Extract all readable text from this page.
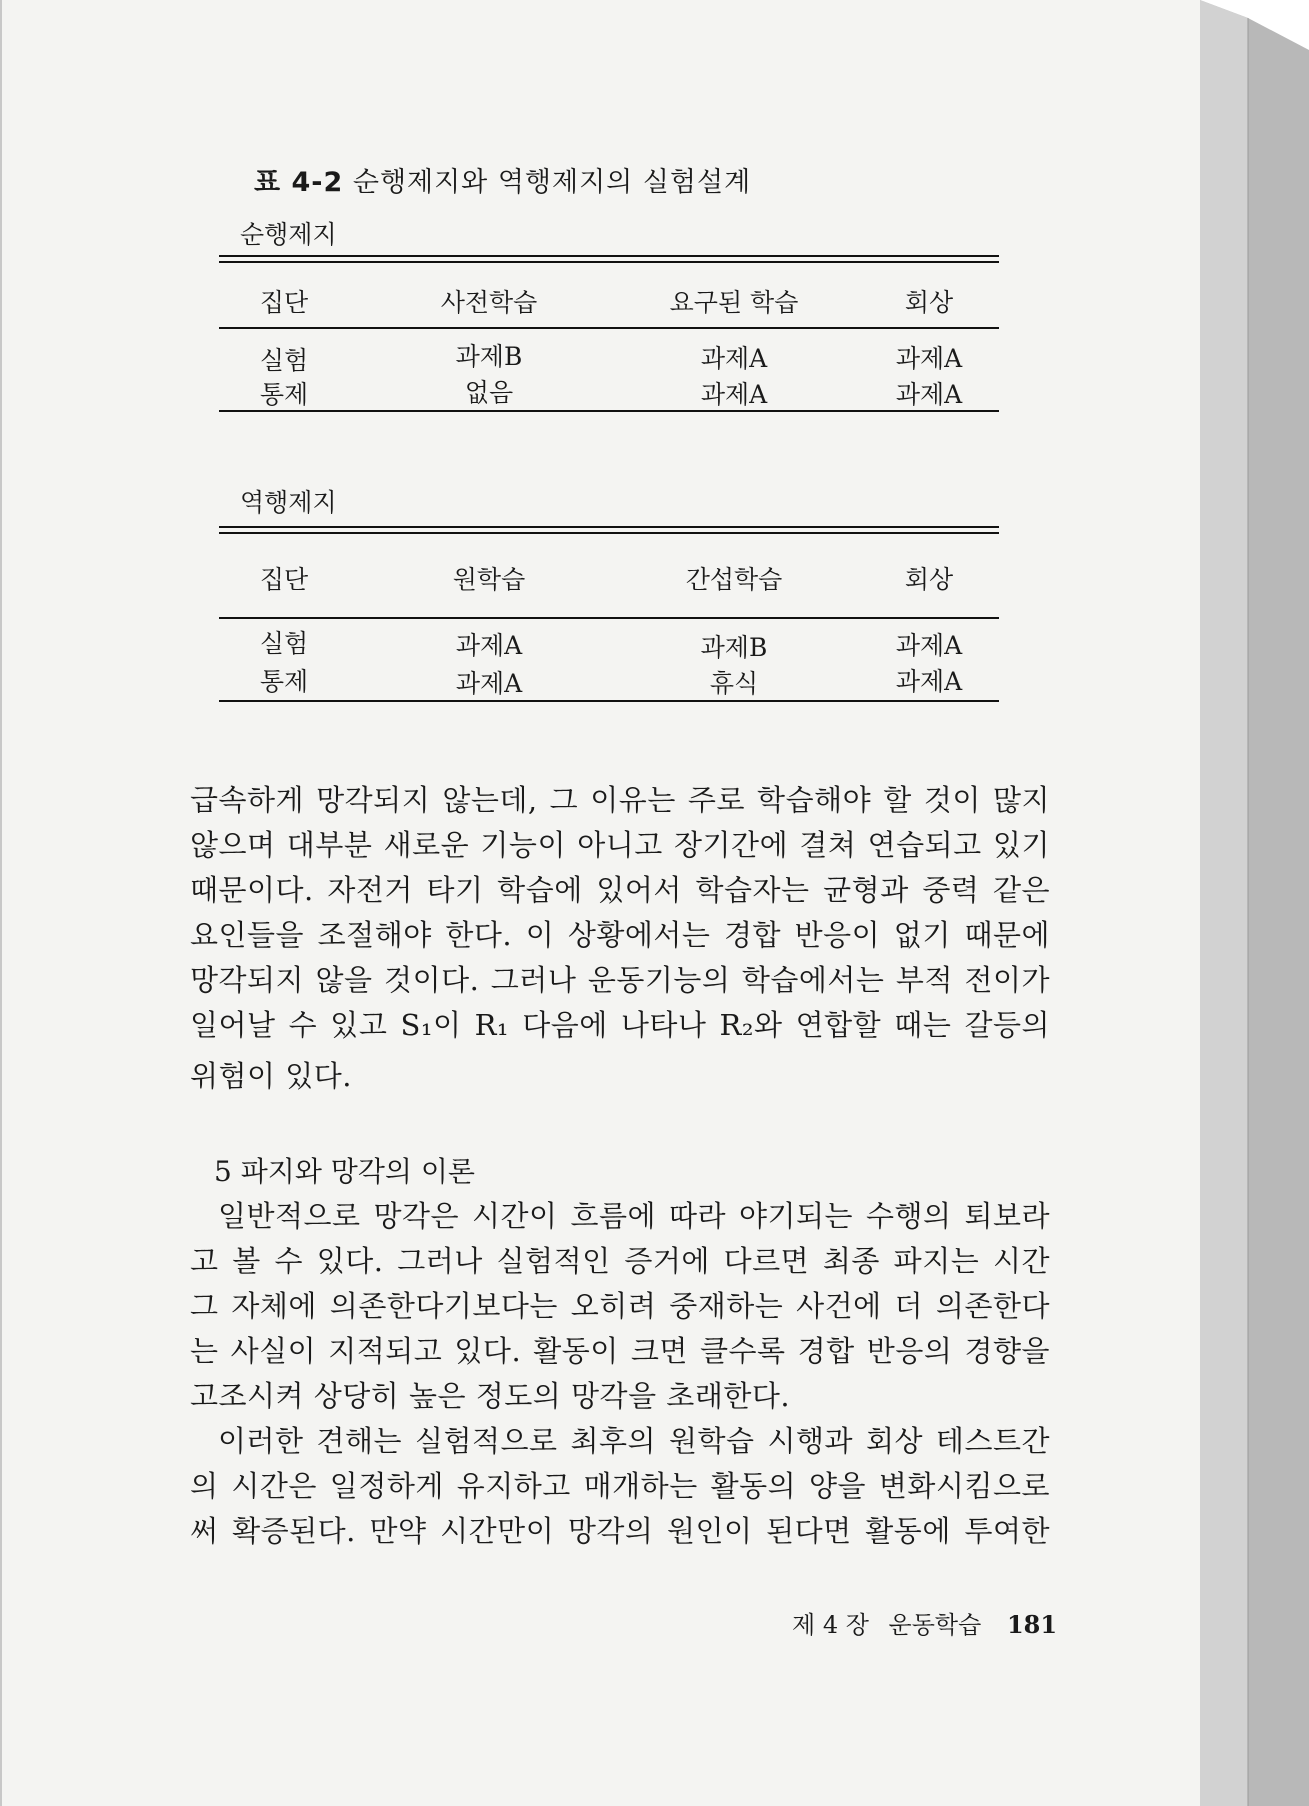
표 4-2 순행제지와 역행제지의 실험설계
순행제지
집단	사전학습	요구된 학습	회상
실험	과제B	과제A	과제A
통제	없음	과제A	과제A
역행제지
집단	원학습	간섭학습	회상
실험	과제A	과제B	과제A
통제	과제A	휴식	과제A
급속하게 망각되지 않는데, 그 이유는 주로 학습해야 할 것이 많지
않으며 대부분 새로운 기능이 아니고 장기간에 결쳐 연습되고 있기
때문이다. 자전거 타기 학습에 있어서 학습자는 균형과 중력 같은
요인들을 조절해야 한다. 이 상황에서는 경합 반응이 없기 때문에
망각되지 않을 것이다. 그러나 운동기능의 학습에서는 부적 전이가
일어날 수 있고 S₁이 R₁ 다음에 나타나 R₂와 연합할 때는 갈등의
위험이 있다.
5 파지와 망각의 이론
일반적으로 망각은 시간이 흐름에 따라 야기되는 수행의 퇴보라
고 볼 수 있다. 그러나 실험적인 증거에 다르면 최종 파지는 시간
그 자체에 의존한다기보다는 오히려 중재하는 사건에 더 의존한다
는 사실이 지적되고 있다. 활동이 크면 클수록 경합 반응의 경향을
고조시켜 상당히 높은 정도의 망각을 초래한다.
이러한 견해는 실험적으로 최후의 원학습 시행과 회상 테스트간
의 시간은 일정하게 유지하고 매개하는 활동의 양을 변화시킴으로
써 확증된다. 만약 시간만이 망각의 원인이 된다면 활동에 투여한
제 4 장 운동학습 181
